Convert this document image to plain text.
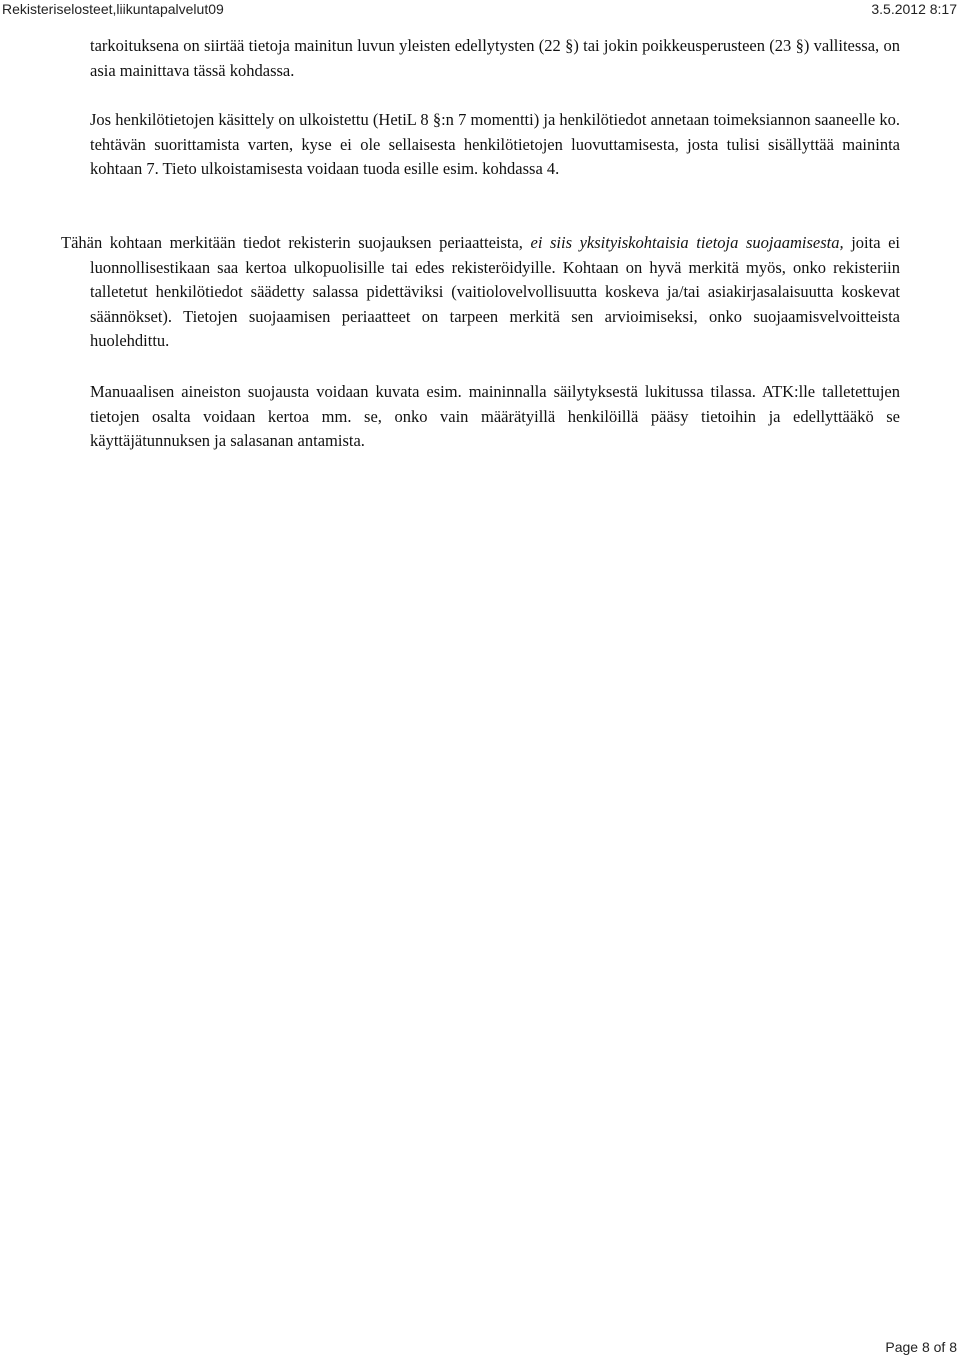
Rekisteriselosteet,liikuntapalvelut09	3.5.2012 8:17

tarkoituksena on siirtää tietoja mainitun luvun yleisten edellytysten (22 §) tai jokin poikkeusperusteen (23 §) vallitessa, on asia mainittava tässä kohdassa.

Jos henkilötietojen käsittely on ulkoistettu (HetiL 8 §:n 7 momentti) ja henkilötiedot annetaan toimeksiannon saaneelle ko. tehtävän suorittamista varten, kyse ei ole sellaisesta henkilötietojen luovuttamisesta, josta tulisi sisällyttää maininta kohtaan 7. Tieto ulkoistamisesta voidaan tuoda esille esim. kohdassa 4.

Tähän kohtaan merkitään tiedot rekisterin suojauksen periaatteista, ei siis yksityiskohtaisia tietoja suojaamisesta, joita ei luonnollisestikaan saa kertoa ulkopuolisille tai edes rekisteröidyille. Kohtaan on hyvä merkitä myös, onko rekisteriin talletetut henkilötiedot säädetty salassa pidettäviksi (vaitiolovelvollisuutta koskeva ja/tai asiakirjasalaisuutta koskevat säännökset). Tietojen suojaamisen periaatteet on tarpeen merkitä sen arvioimiseksi, onko suojaamisvelvoitteista huolehdittu.

Manuaalisen aineiston suojausta voidaan kuvata esim. maininnalla säilytyksestä lukitussa tilassa. ATK:lle talletettujen tietojen osalta voidaan kertoa mm. se, onko vain määrätyillä henkilöillä pääsy tietoihin ja edellyttääkö se käyttäjätunnuksen ja salasanan antamista.

Page 8 of 8
